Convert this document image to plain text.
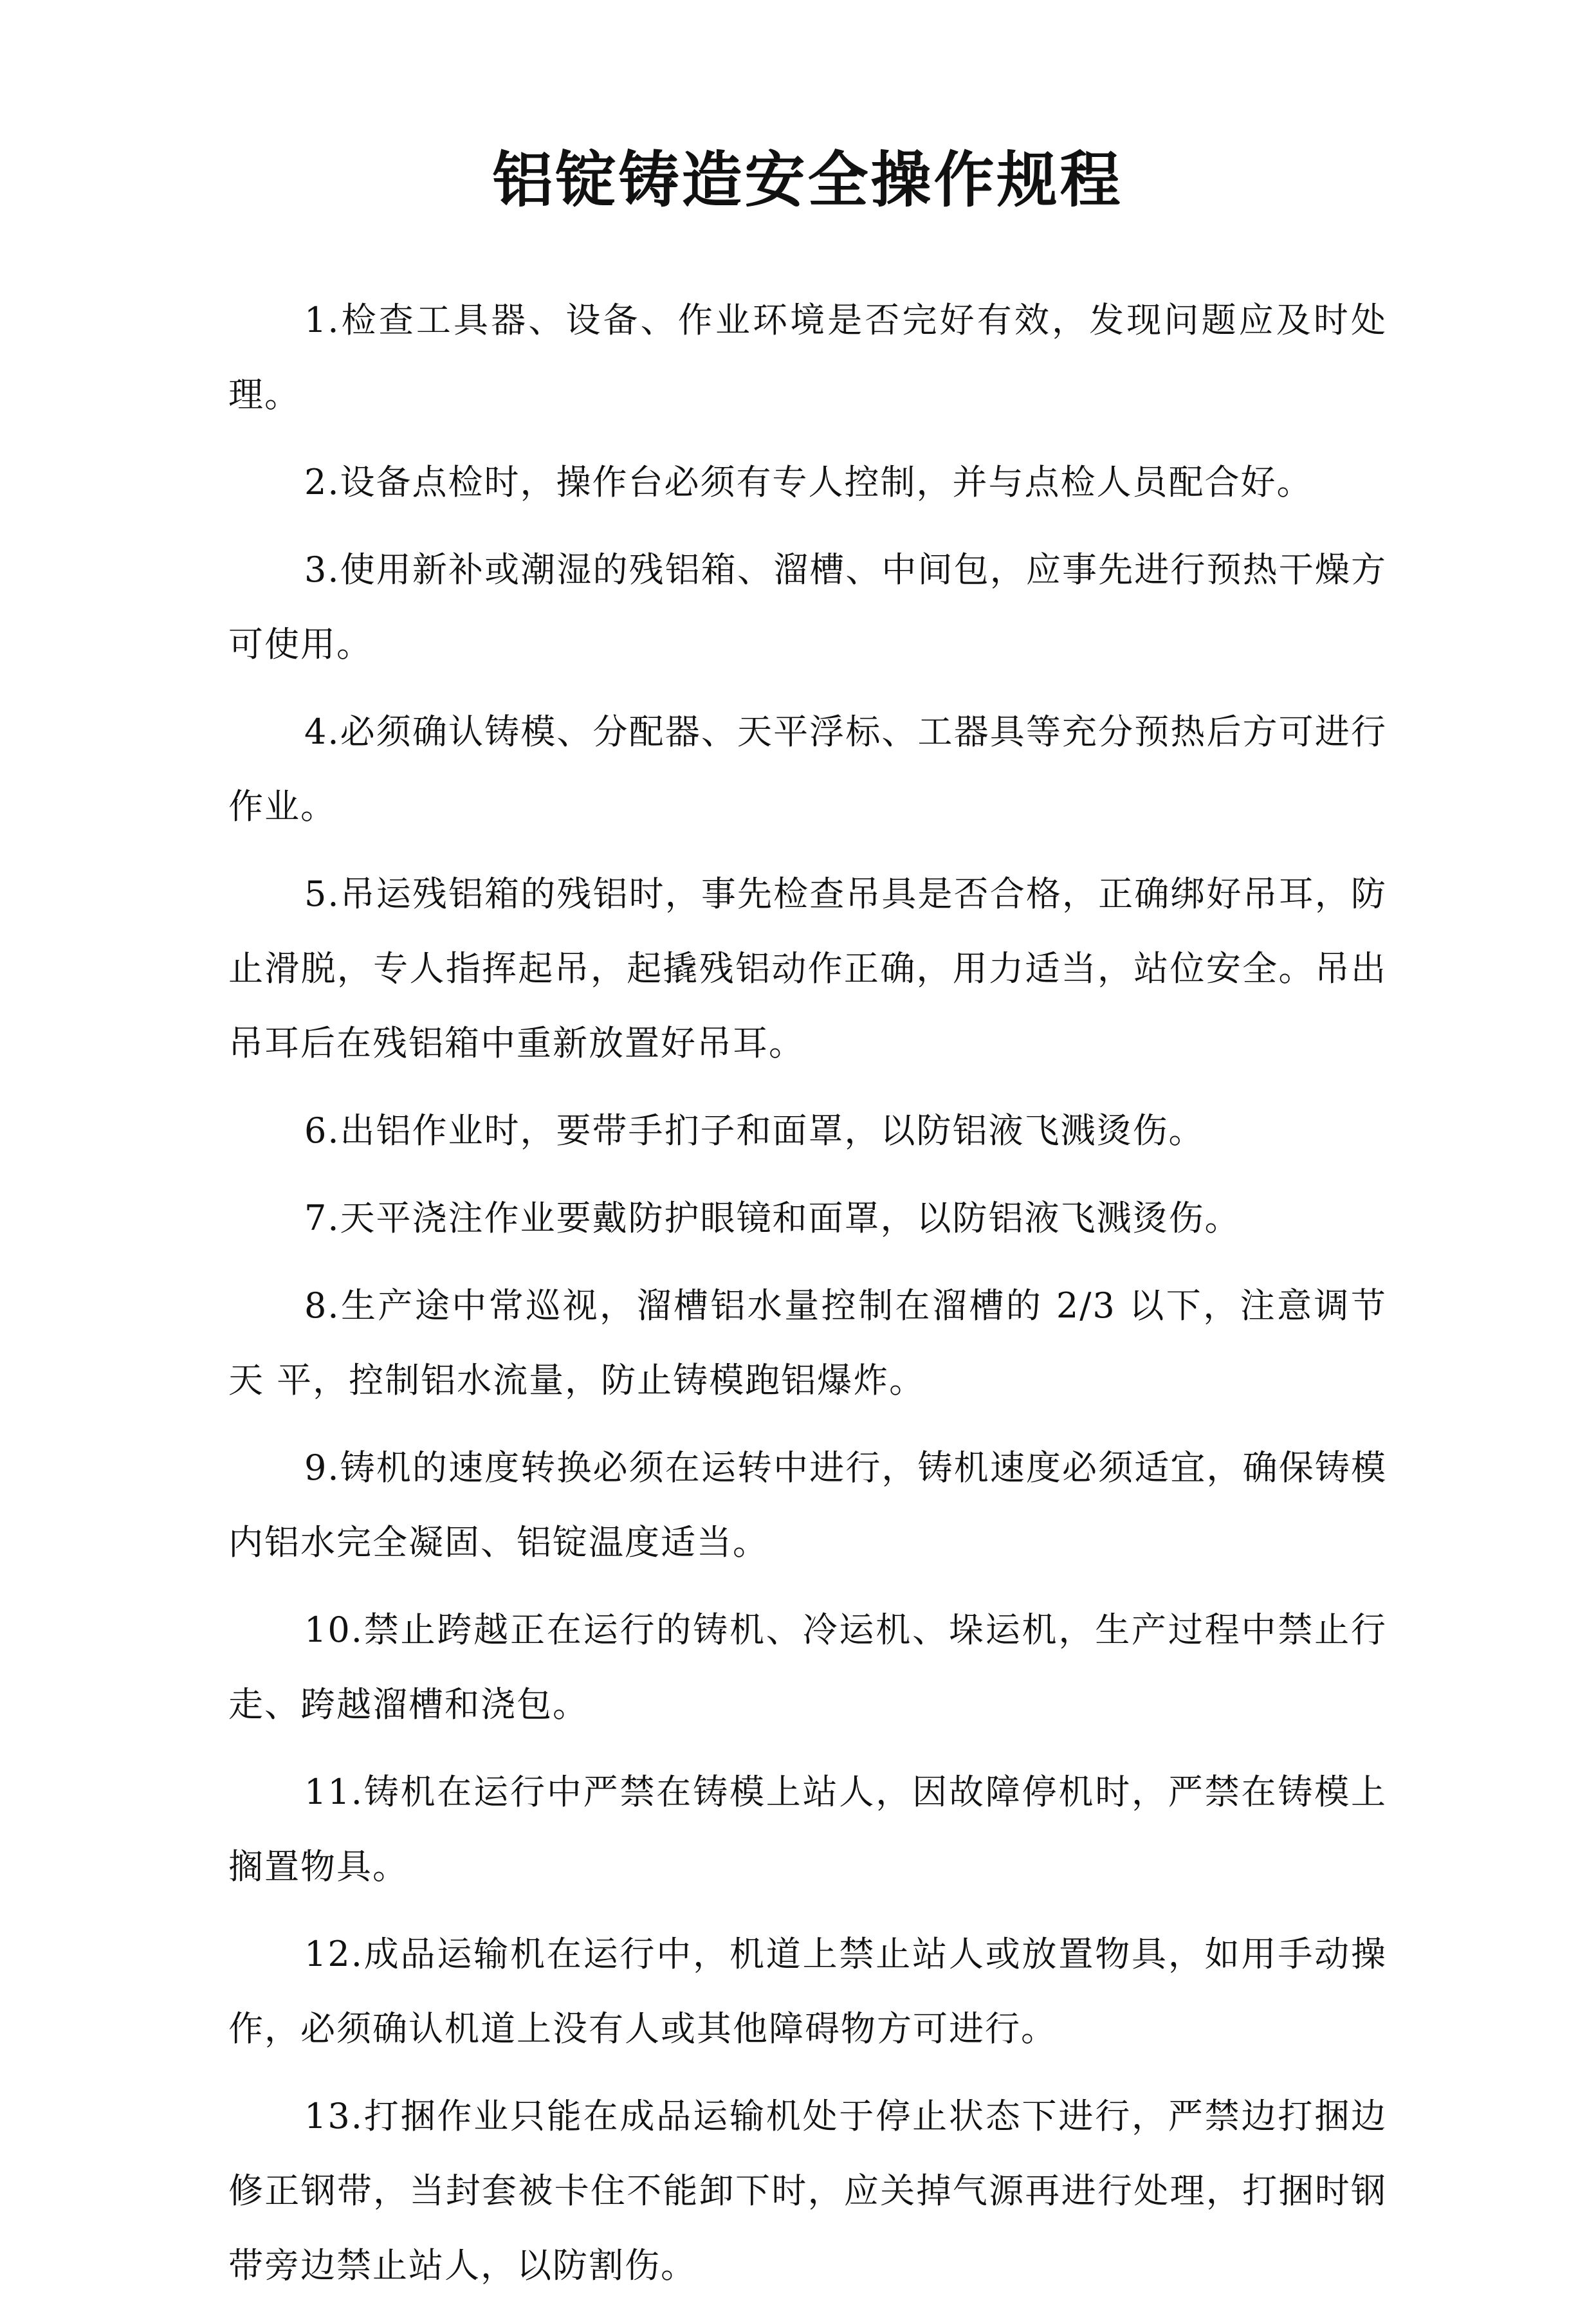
铝锭铸造安全操作规程
1.检查工具器、设备、作业环境是否完好有效，发现问题应及时处理。
2.设备点检时，操作台必须有专人控制，并与点检人员配合好。
3.使用新补或潮湿的残铝箱、溜槽、中间包，应事先进行预热干燥方可使用。
4.必须确认铸模、分配器、天平浮标、工器具等充分预热后方可进行作业。
5.吊运残铝箱的残铝时，事先检查吊具是否合格，正确绑好吊耳，防止滑脱，专人指挥起吊，起撬残铝动作正确，用力适当，站位安全。吊出吊耳后在残铝箱中重新放置好吊耳。
6.出铝作业时，要带手扪子和面罩，以防铝液飞溅烫伤。
7.天平浇注作业要戴防护眼镜和面罩，以防铝液飞溅烫伤。
8.生产途中常巡视，溜槽铝水量控制在溜槽的 2/3 以下，注意调节天 平，控制铝水流量，防止铸模跑铝爆炸。
9.铸机的速度转换必须在运转中进行，铸机速度必须适宜，确保铸模 内铝水完全凝固、铝锭温度适当。
10.禁止跨越正在运行的铸机、冷运机、垛运机，生产过程中禁止行走、跨越溜槽和浇包。
11.铸机在运行中严禁在铸模上站人，因故障停机时，严禁在铸模上 搁置物具。
12.成品运输机在运行中，机道上禁止站人或放置物具，如用手动操作，必须确认机道上没有人或其他障碍物方可进行。
13.打捆作业只能在成品运输机处于停止状态下进行，严禁边打捆边修正钢带，当封套被卡住不能卸下时，应关掉气源再进行处理，打捆时钢带旁边禁止站人，以防割伤。
